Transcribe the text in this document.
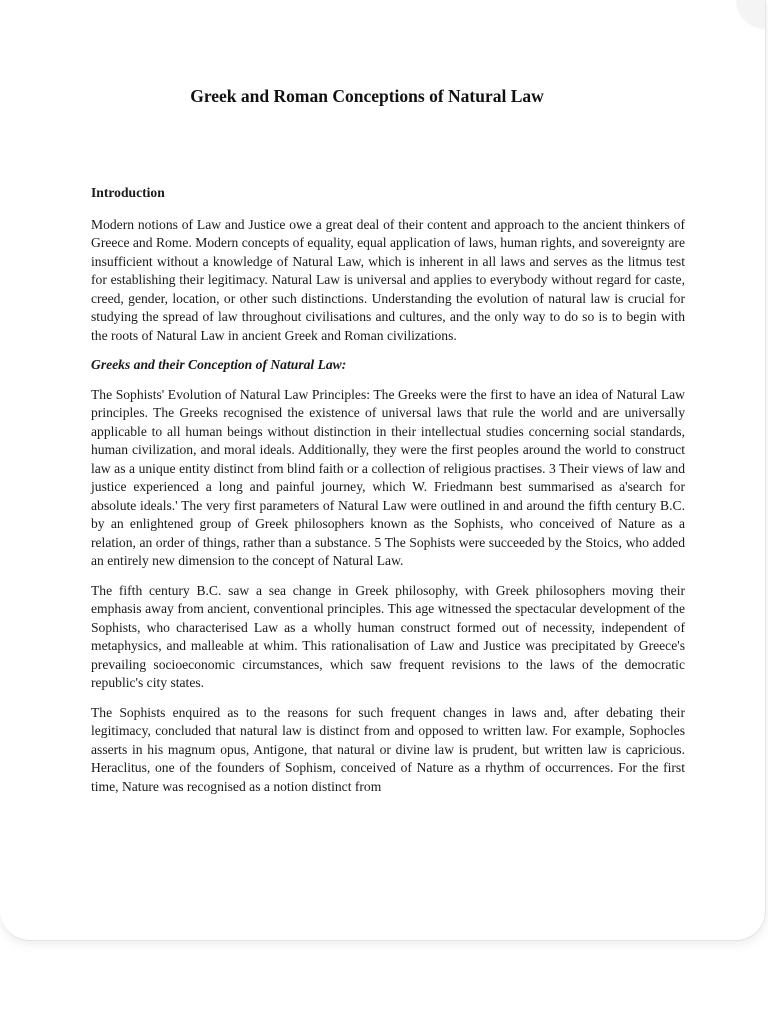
Greek and Roman Conceptions of Natural Law
Introduction

Modern notions of Law and Justice owe a great deal of their content and approach to the ancient thinkers of Greece and Rome. Modern concepts of equality, equal application of laws, human rights, and sovereignty are insufficient without a knowledge of Natural Law, which is inherent in all laws and serves as the litmus test for establishing their legitimacy. Natural Law is universal and applies to everybody without regard for caste, creed, gender, location, or other such distinctions. Understanding the evolution of natural law is crucial for studying the spread of law throughout civilisations and cultures, and the only way to do so is to begin with the roots of Natural Law in ancient Greek and Roman civilizations.

Greeks and their Conception of Natural Law:

The Sophists' Evolution of Natural Law Principles: The Greeks were the first to have an idea of Natural Law principles. The Greeks recognised the existence of universal laws that rule the world and are universally applicable to all human beings without distinction in their intellectual studies concerning social standards, human civilization, and moral ideals. Additionally, they were the first peoples around the world to construct law as a unique entity distinct from blind faith or a collection of religious practises. 3 Their views of law and justice experienced a long and painful journey, which W. Friedmann best summarised as a'search for absolute ideals.' The very first parameters of Natural Law were outlined in and around the fifth century B.C. by an enlightened group of Greek philosophers known as the Sophists, who conceived of Nature as a relation, an order of things, rather than a substance. 5 The Sophists were succeeded by the Stoics, who added an entirely new dimension to the concept of Natural Law.

The fifth century B.C. saw a sea change in Greek philosophy, with Greek philosophers moving their emphasis away from ancient, conventional principles. This age witnessed the spectacular development of the Sophists, who characterised Law as a wholly human construct formed out of necessity, independent of metaphysics, and malleable at whim. This rationalisation of Law and Justice was precipitated by Greece's prevailing socioeconomic circumstances, which saw frequent revisions to the laws of the democratic republic's city states.

The Sophists enquired as to the reasons for such frequent changes in laws and, after debating their legitimacy, concluded that natural law is distinct from and opposed to written law. For example, Sophocles asserts in his magnum opus, Antigone, that natural or divine law is prudent, but written law is capricious. Heraclitus, one of the founders of Sophism, conceived of Nature as a rhythm of occurrences. For the first time, Nature was recognised as a notion distinct from
